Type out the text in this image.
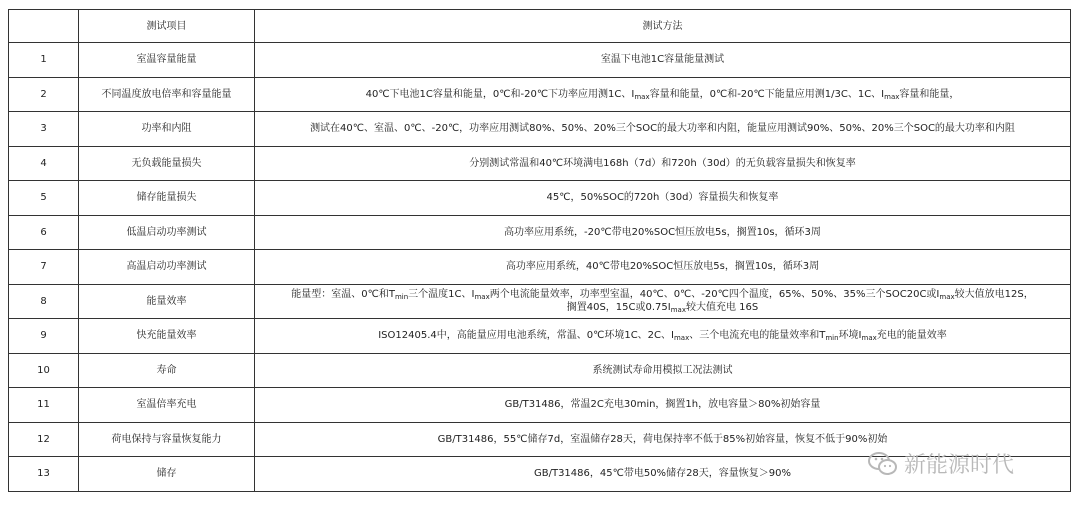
	测试项目	测试方法
1	室温容量能量	室温下电池1C容量能量测试
2	不同温度放电倍率和容量能量	40℃下电池1C容量和能量，0℃和-20℃下功率应用测1C、$I_{max}$容量和能量，0℃和-20℃下能量应用测1/3C、1C、$I_{max}$容量和能量，
3	功率和内阻	测试在40℃、室温、0℃、-20℃，功率应用测试80%、50%、20%三个SOC的最大功率和内阻，能量应用测试90%、50%、20%三个SOC的最大功率和内阻
4	无负载能量损失	分别测试常温和40℃环境满电168h（7d）和720h（30d）的无负载容量损失和恢复率
5	储存能量损失	45℃，50%SOC的720h（30d）容量损失和恢复率
6	低温启动功率测试	高功率应用系统，-20℃带电20%SOC恒压放电5s，搁置10s，循环3周
7	高温启动功率测试	高功率应用系统，40℃带电20%SOC恒压放电5s，搁置10s，循环3周
8	能量效率	能量型：室温、0℃和$T_{min}$三个温度1C、$I_{max}$两个电流能量效率，功率型室温，40℃、0℃、-20℃四个温度，65%、50%、35%三个SOC20C或$I_{max}$较大值放电12S，
搁置40S，15C或$0.75I_{max}$较大值充电 16S
9	快充能量效率	ISO12405.4中，高能量应用电池系统，常温、0℃环境1C、2C、$I_{max}$、三个电流充电的能量效率和$T_{min}$环境$I_{max}$充电的能量效率
10	寿命	系统测试寿命用模拟工况法测试
11	室温倍率充电	GB/T31486，常温2C充电30min，搁置1h，放电容量＞80%初始容量
12	荷电保持与容量恢复能力	GB/T31486，55℃储存7d，室温储存28天，荷电保持率不低于85%初始容量，恢复不低于90%初始
13	储存	GB/T31486，45℃带电50%储存28天，容量恢复＞90%	新能源时代
